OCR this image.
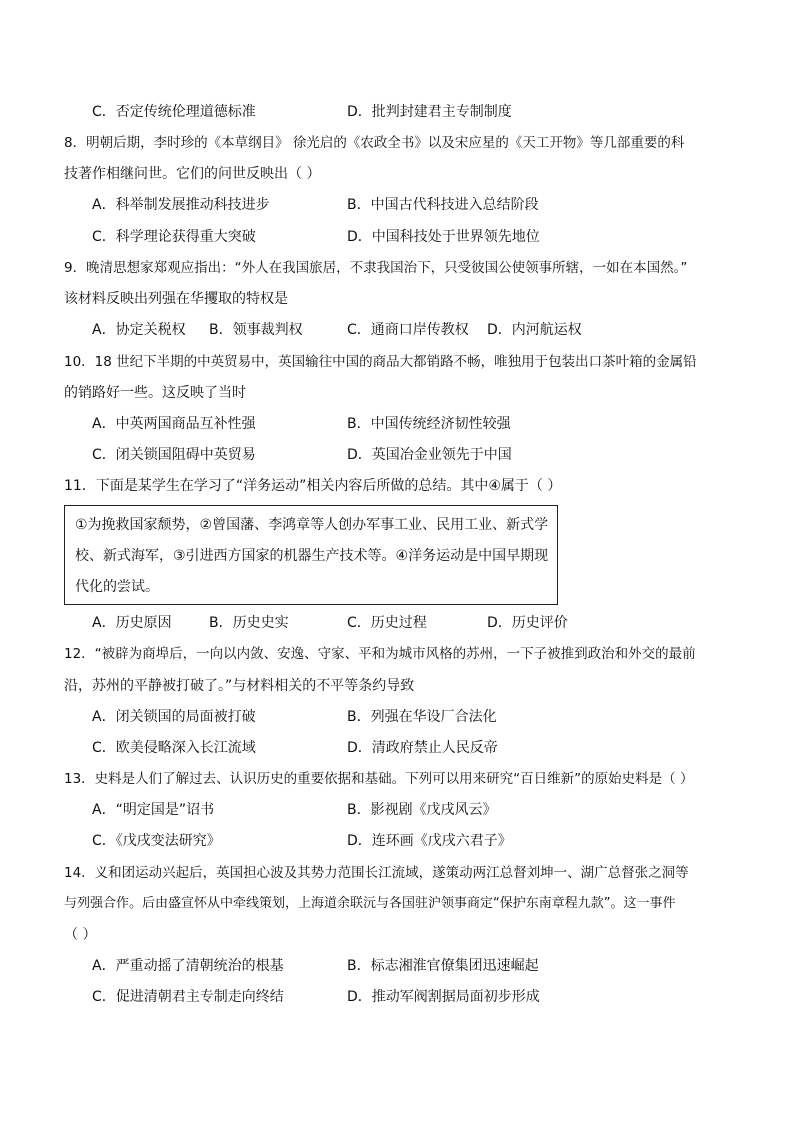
C．否定传统伦理道德标准	D．批判封建君主专制制度
8．明朝后期，李时珍的《本草纲目》 徐光启的《农政全书》以及宋应星的《天工开物》等几部重要的科
技著作相继问世。它们的问世反映出（ ）
A．科举制发展推动科技进步	B．中国古代科技进入总结阶段
C．科学理论获得重大突破	D．中国科技处于世界领先地位
9．晚清思想家郑观应指出：“外人在我国旅居，不隶我国治下，只受彼国公使领事所辖，一如在本国然。”
该材料反映出列强在华攫取的特权是
A．协定关税权 B．领事裁判权	C．通商口岸传教权 D．内河航运权
10．18 世纪下半期的中英贸易中，英国输往中国的商品大都销路不畅，唯独用于包装出口茶叶箱的金属铅
的销路好一些。这反映了当时
A．中英两国商品互补性强	B．中国传统经济韧性较强
C．闭关锁国阻碍中英贸易	D．英国冶金业领先于中国
11．下面是某学生在学习了“洋务运动”相关内容后所做的总结。其中④属于（ ）
①为挽救国家颓势，②曾国藩、李鸿章等人创办军事工业、民用工业、新式学
校、新式海军，③引进西方国家的机器生产技术等。④洋务运动是中国早期现
代化的尝试。
A．历史原因	B．历史史实	C．历史过程	D．历史评价
12．“被辟为商埠后，一向以内敛、安逸、守家、平和为城市风格的苏州，一下子被推到政治和外交的最前
沿，苏州的平静被打破了。”与材料相关的不平等条约导致
A．闭关锁国的局面被打破	B．列强在华设厂合法化
C．欧美侵略深入长江流域	D．清政府禁止人民反帝
13．史料是人们了解过去、认识历史的重要依据和基础。下列可以用来研究“百日维新”的原始史料是（ ）
A．“明定国是”诏书	B．影视剧《戊戌风云》
C．《戊戌变法研究》	D．连环画《戊戌六君子》
14．义和团运动兴起后，英国担心波及其势力范围长江流域，遂策动两江总督刘坤一、湖广总督张之洞等
与列强合作。后由盛宣怀从中牵线策划，上海道余联沅与各国驻沪领事商定“保护东南章程九款”。这一事件
（ ）
A．严重动摇了清朝统治的根基	B．标志湘淮官僚集团迅速崛起
C．促进清朝君主专制走向终结	D．推动军阀割据局面初步形成
